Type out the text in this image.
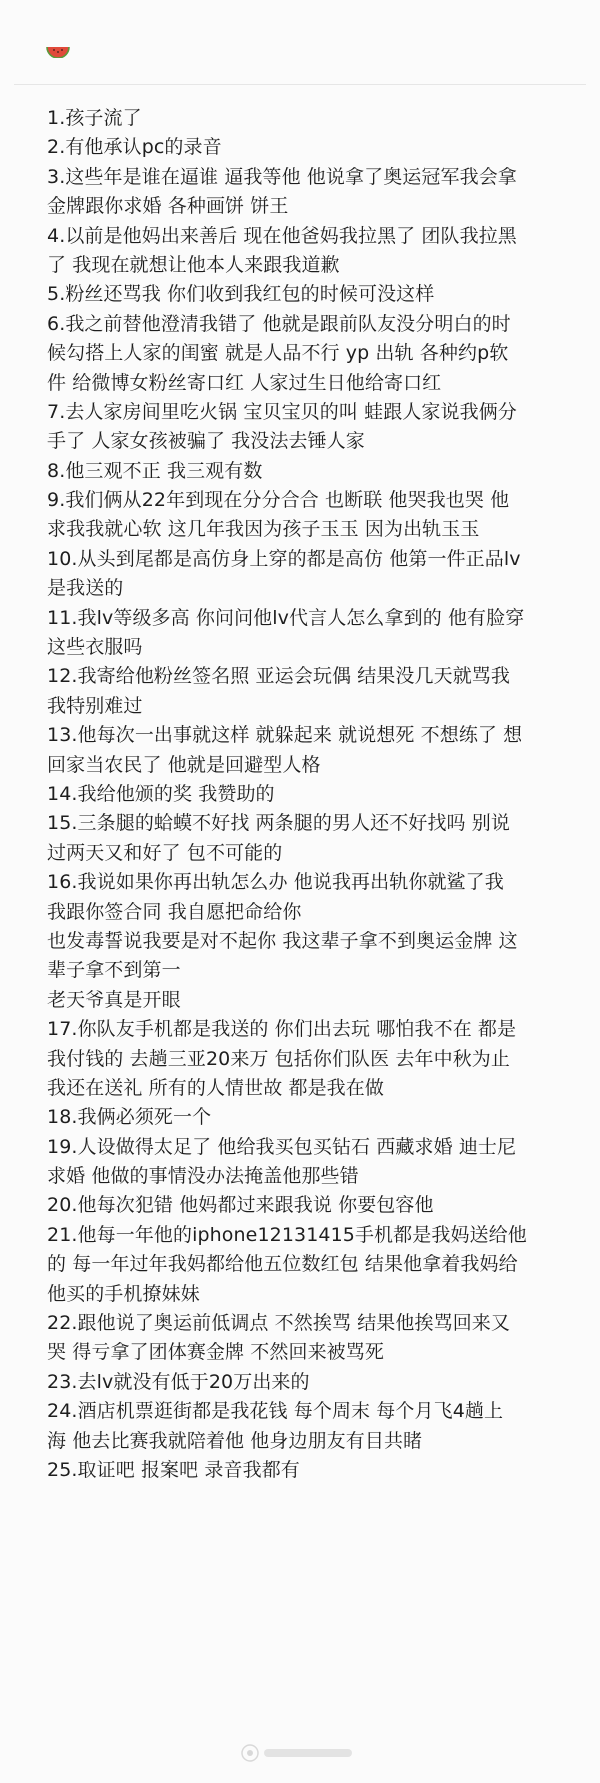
1.孩子流了
2.有他承认pc的录音
3.这些年是谁在逼谁 逼我等他 他说拿了奥运冠军我会拿
金牌跟你求婚 各种画饼 饼王
4.以前是他妈出来善后 现在他爸妈我拉黑了 团队我拉黑
了 我现在就想让他本人来跟我道歉
5.粉丝还骂我 你们收到我红包的时候可没这样
6.我之前替他澄清我错了 他就是跟前队友没分明白的时
候勾搭上人家的闺蜜 就是人品不行 yp 出轨 各种约p软
件 给微博女粉丝寄口红 人家过生日他给寄口红
7.去人家房间里吃火锅 宝贝宝贝的叫 蛙跟人家说我俩分
手了 人家女孩被骗了 我没法去锤人家
8.他三观不正 我三观有数
9.我们俩从22年到现在分分合合 也断联 他哭我也哭 他
求我我就心软 这几年我因为孩子玉玉 因为出轨玉玉
10.从头到尾都是高仿身上穿的都是高仿 他第一件正品lv
是我送的
11.我lv等级多高 你问问他lv代言人怎么拿到的 他有脸穿
这些衣服吗
12.我寄给他粉丝签名照 亚运会玩偶 结果没几天就骂我
我特别难过
13.他每次一出事就这样 就躲起来 就说想死 不想练了 想
回家当农民了 他就是回避型人格
14.我给他颁的奖 我赞助的
15.三条腿的蛤蟆不好找 两条腿的男人还不好找吗 别说
过两天又和好了 包不可能的
16.我说如果你再出轨怎么办 他说我再出轨你就鲨了我
我跟你签合同 我自愿把命给你
也发毒誓说我要是对不起你 我这辈子拿不到奥运金牌 这
辈子拿不到第一
老天爷真是开眼
17.你队友手机都是我送的 你们出去玩 哪怕我不在 都是
我付钱的 去趟三亚20来万 包括你们队医 去年中秋为止
我还在送礼 所有的人情世故 都是我在做
18.我俩必须死一个
19.人设做得太足了 他给我买包买钻石 西藏求婚 迪士尼
求婚 他做的事情没办法掩盖他那些错
20.他每次犯错 他妈都过来跟我说 你要包容他
21.他每一年他的iphone12131415手机都是我妈送给他
的 每一年过年我妈都给他五位数红包 结果他拿着我妈给
他买的手机撩妹妹
22.跟他说了奥运前低调点 不然挨骂 结果他挨骂回来又
哭 得亏拿了团体赛金牌 不然回来被骂死
23.去lv就没有低于20万出来的
24.酒店机票逛街都是我花钱 每个周末 每个月飞4趟上
海 他去比赛我就陪着他 他身边朋友有目共睹
25.取证吧 报案吧 录音我都有
